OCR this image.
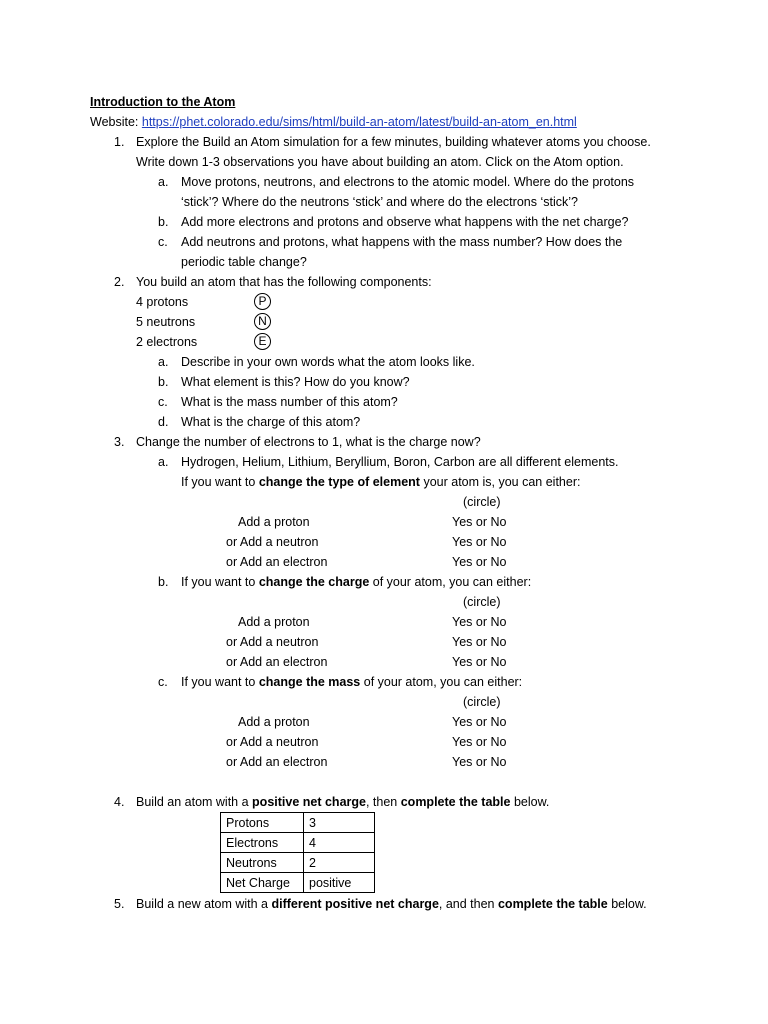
Introduction to the Atom
Website: https://phet.colorado.edu/sims/html/build-an-atom/latest/build-an-atom_en.html
1. Explore the Build an Atom simulation for a few minutes, building whatever atoms you choose.
Write down 1-3 observations you have about building an atom. Click on the Atom option.
a. Move protons, neutrons, and electrons to the atomic model. Where do the protons
‘stick’? Where do the neutrons ‘stick’ and where do the electrons ‘stick’?
b. Add more electrons and protons and observe what happens with the net charge?
c. Add neutrons and protons, what happens with the mass number? How does the
periodic table change?
2. You build an atom that has the following components:
4 protons	P
5 neutrons	N
2 electrons	E
a. Describe in your own words what the atom looks like.
b. What element is this? How do you know?
c. What is the mass number of this atom?
d. What is the charge of this atom?
3. Change the number of electrons to 1, what is the charge now?
a. Hydrogen, Helium, Lithium, Beryllium, Boron, Carbon are all different elements.
If you want to change the type of element your atom is, you can either:
(circle)
Add a proton	Yes or No
or Add a neutron	Yes or No
or Add an electron	Yes or No
b. If you want to change the charge of your atom, you can either:
(circle)
Add a proton	Yes or No
or Add a neutron	Yes or No
or Add an electron	Yes or No
c. If you want to change the mass of your atom, you can either:
(circle)
Add a proton	Yes or No
or Add a neutron	Yes or No
or Add an electron	Yes or No
4. Build an atom with a positive net charge, then complete the table below.
Protons	3
Electrons	4
Neutrons	2
Net Charge	positive
5. Build a new atom with a different positive net charge, and then complete the table below.
